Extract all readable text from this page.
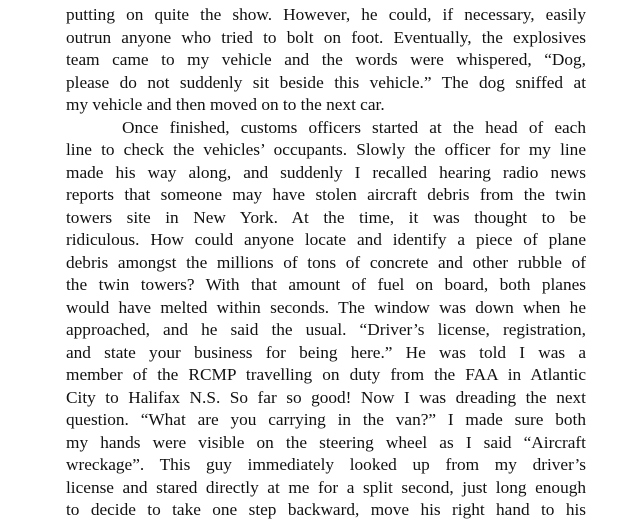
putting on quite the show. However, he could, if necessary, easily
outrun anyone who tried to bolt on foot. Eventually, the explosives
team came to my vehicle and the words were whispered, “Dog,
please do not suddenly sit beside this vehicle.” The dog sniffed at
my vehicle and then moved on to the next car.
Once finished, customs officers started at the head of each
line to check the vehicles’ occupants. Slowly the officer for my line
made his way along, and suddenly I recalled hearing radio news
reports that someone may have stolen aircraft debris from the twin
towers site in New York. At the time, it was thought to be
ridiculous. How could anyone locate and identify a piece of plane
debris amongst the millions of tons of concrete and other rubble of
the twin towers? With that amount of fuel on board, both planes
would have melted within seconds. The window was down when he
approached, and he said the usual. “Driver’s license, registration,
and state your business for being here.” He was told I was a
member of the RCMP travelling on duty from the FAA in Atlantic
City to Halifax N.S. So far so good! Now I was dreading the next
question. “What are you carrying in the van?” I made sure both
my hands were visible on the steering wheel as I said “Aircraft
wreckage”. This guy immediately looked up from my driver’s
license and stared directly at me for a split second, just long enough
to decide to take one step backward, move his right hand to his
